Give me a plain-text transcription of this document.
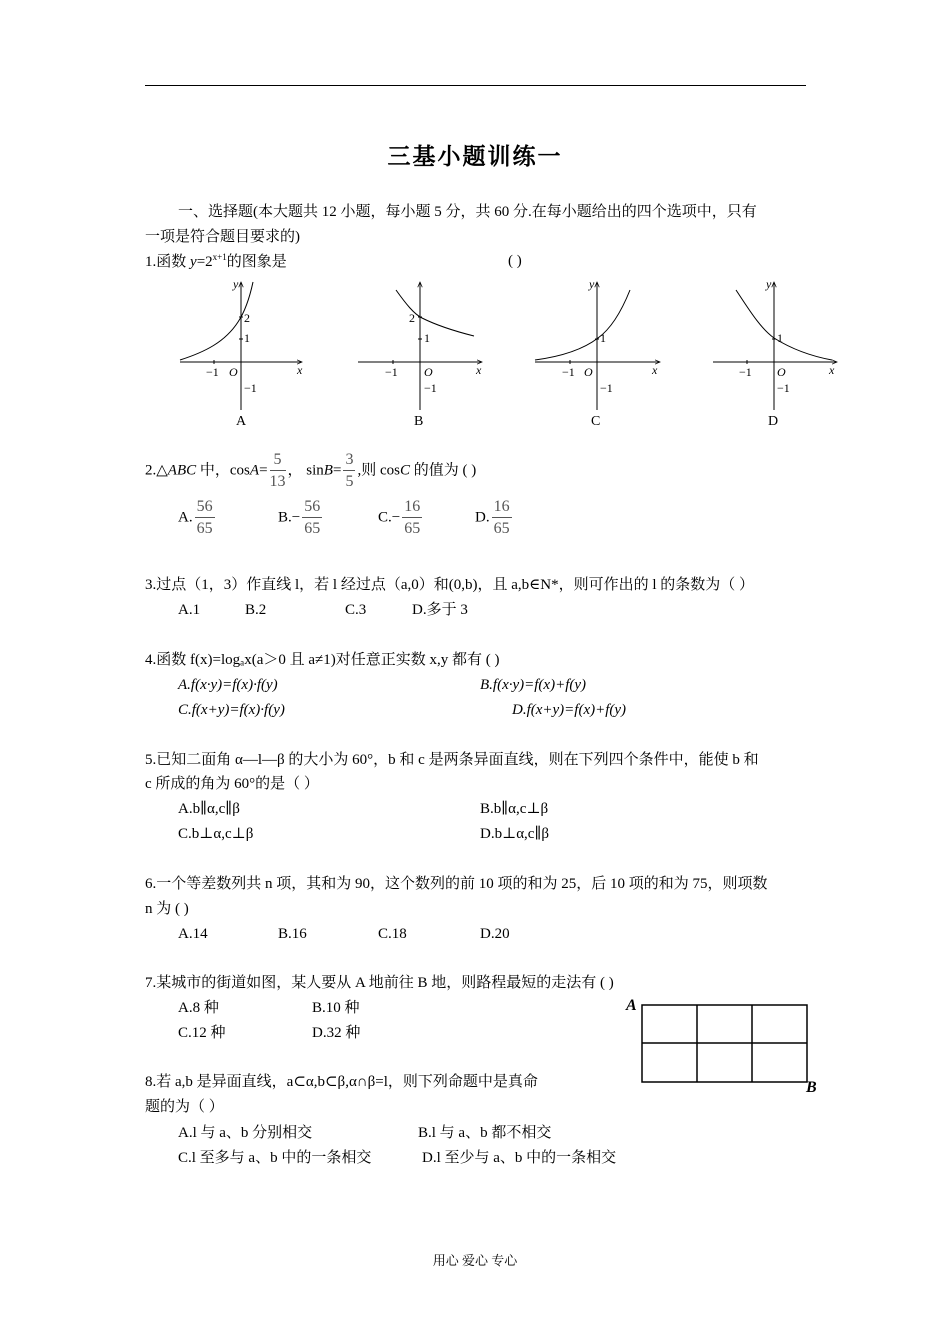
三基小题训练一
一、选择题(本大题共 12 小题，每小题 5 分，共 60 分.在每小题给出的四个选项中，只有
一项是符合题目要求的)
1.函数 $y=2^{x+1}$的图象是	( )
y
x
−1 O
2
1
−1
A
x
−1 O
2
1
−1
B
y
x
−1 O
1
−1
C
y
x
−1 O
1
−1
D
2.△ABC 中，$\cos A= \frac{5}{13}$ ， $\sin B= \frac{3}{5}$ ,则 cosC 的值为 ( )
A. $\frac{56}{65}$	$B.- \frac{56}{65}$	$C.- \frac{16}{65}$	D. $\frac{16}{65}$
3.过点（1，3）作直线 l，若 l 经过点（a,0）和(0,b)，且 a,b∈N*，则可作出的 l 的条数为（ ）
A.1	B.2	C.3	D.多于 3
4.函数 f(x)=logₐx(a＞0 且 a≠1)对任意正实数 x,y 都有 ( )
A.f(x·y)=f(x)·f(y)	B.f(x·y)=f(x)+f(y)
C.f(x+y)=f(x)·f(y)	D.f(x+y)=f(x)+f(y)
5.已知二面角 α—l—β 的大小为 60°，b 和 c 是两条异面直线，则在下列四个条件中，能使 b 和
c 所成的角为 60°的是（ ）
A.b∥α,c∥β	B.b∥α,c⊥β
C.b⊥α,c⊥β	D.b⊥α,c∥β
6.一个等差数列共 n 项，其和为 90，这个数列的前 10 项的和为 25，后 10 项的和为 75，则项数
n 为 ( )
A.14	B.16	C.18	D.20
7.某城市的街道如图，某人要从 A 地前往 B 地，则路程最短的走法有 ( )
A.8 种	B.10 种
C.12 种	D.32 种
A
B
8.若 a,b 是异面直线，a⊂α,b⊂β,α∩β=l，则下列命题中是真命
题的为（ ）
A.l 与 a、b 分别相交	B.l 与 a、b 都不相交
C.l 至多与 a、b 中的一条相交	D.l 至少与 a、b 中的一条相交
用心 爱心 专心
